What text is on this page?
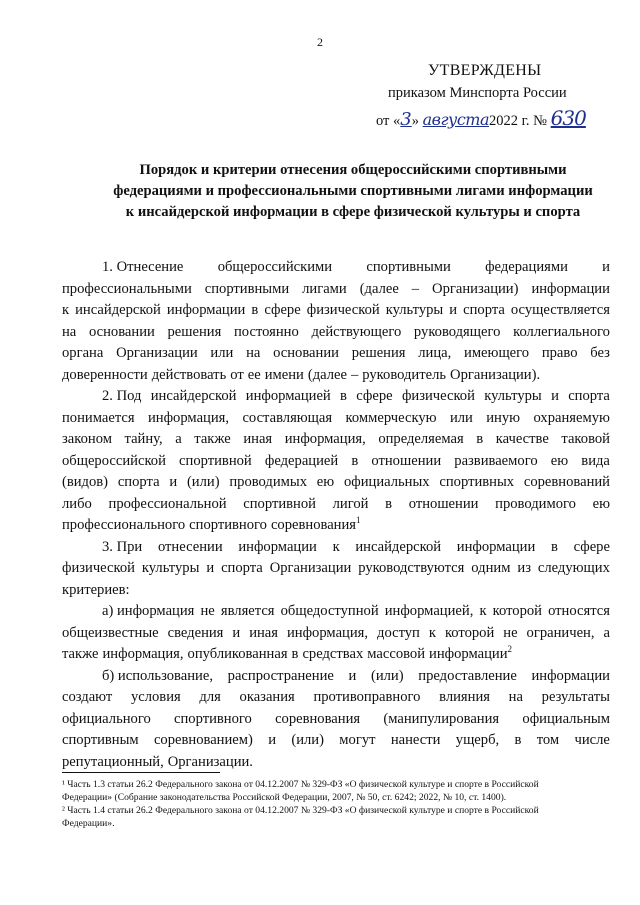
2
УТВЕРЖДЕНЫ
приказом Минспорта России
от «3» августа2022 г. № 630
Порядок и критерии отнесения общероссийскими спортивными
федерациями и профессиональными спортивными лигами информации
к инсайдерской информации в сфере физической культуры и спорта
1. Отнесение общероссийскими спортивными федерациями и
профессиональными спортивными лигами (далее – Организации) информации
к инсайдерской информации в сфере физической культуры и спорта осуществляется
на основании решения постоянно действующего руководящего коллегиального
органа Организации или на основании решения лица, имеющего право без
доверенности действовать от ее имени (далее – руководитель Организации).
2. Под инсайдерской информацией в сфере физической культуры и спорта
понимается информация, составляющая коммерческую или иную охраняемую
законом тайну, а также иная информация, определяемая в качестве таковой
общероссийской спортивной федерацией в отношении развиваемого ею вида
(видов) спорта и (или) проводимых ею официальных спортивных соревнований
либо профессиональной спортивной лигой в отношении проводимого ею
профессионального спортивного соревнования$^1$
3. При отнесении информации к инсайдерской информации в сфере
физической культуры и спорта Организации руководствуются одним из следующих
критериев:
а) информация не является общедоступной информацией, к которой относятся
общеизвестные сведения и иная информация, доступ к которой не ограничен, а
также информация, опубликованная в средствах массовой информации$^2$
б) использование, распространение и (или) предоставление информации
создают условия для оказания противоправного влияния на результаты
официального спортивного соревнования (манипулирования официальным
спортивным соревнованием) и (или) могут нанести ущерб, в том числе
репутационный, Организации.
¹ Часть 1.3 статьи 26.2 Федерального закона от 04.12.2007 № 329-ФЗ «О физической культуре и спорте в Российской
Федерации» (Собрание законодательства Российской Федерации, 2007, № 50, ст. 6242; 2022, № 10, ст. 1400).
² Часть 1.4 статьи 26.2 Федерального закона от 04.12.2007 № 329-ФЗ «О физической культуре и спорте в Российской
Федерации».
